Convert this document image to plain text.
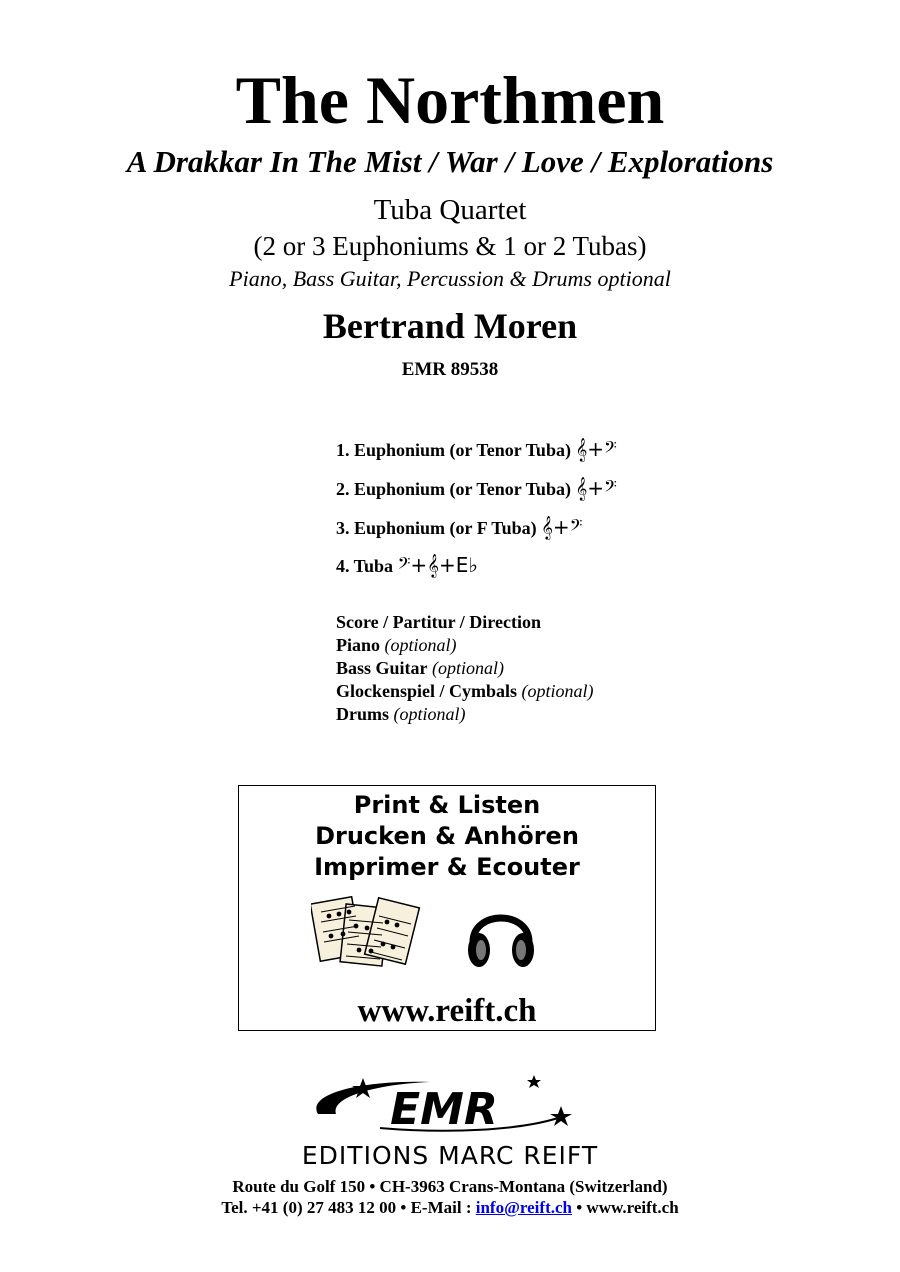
The Northmen
A Drakkar In The Mist / War / Love / Explorations
Tuba Quartet
(2 or 3 Euphoniums & 1 or 2 Tubas)
Piano, Bass Guitar, Percussion & Drums optional
Bertrand Moren
EMR 89538
1. Euphonium (or Tenor Tuba) 𝄞+𝄢
2. Euphonium (or Tenor Tuba) 𝄞+𝄢
3. Euphonium (or F Tuba) 𝄞+𝄢
4. Tuba 𝄢+𝄞+E♭
Score / Partitur / Direction
Piano (optional)
Bass Guitar (optional)
Glockenspiel / Cymbals (optional)
Drums (optional)
Print & Listen
Drucken & Anhören
Imprimer & Ecouter
www.reift.ch
EMR
EDITIONS MARC REIFT
Route du Golf 150 • CH-3963 Crans-Montana (Switzerland)
Tel. +41 (0) 27 483 12 00 • E-Mail : info@reift.ch • www.reift.ch
